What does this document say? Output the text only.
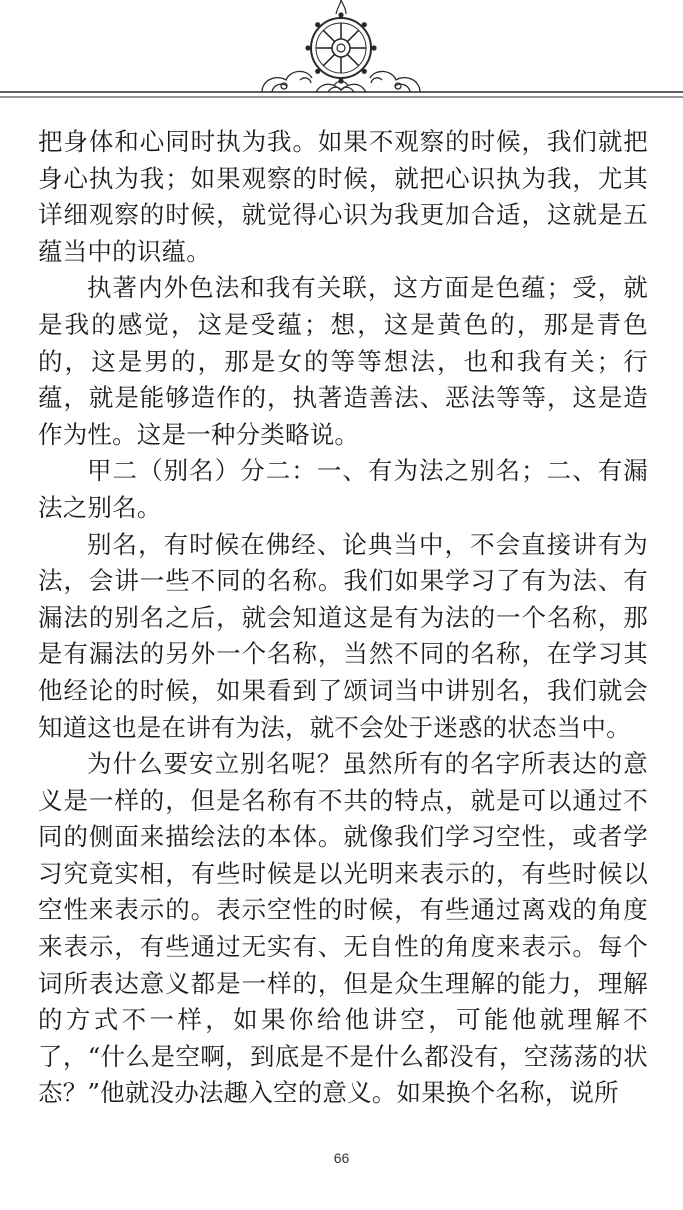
把身体和心同时执为我。如果不观察的时候，我们就把身心执为我；如果观察的时候，就把心识执为我，尤其详细观察的时候，就觉得心识为我更加合适，这就是五蕴当中的识蕴。

执著内外色法和我有关联，这方面是色蕴；受，就是我的感觉，这是受蕴；想，这是黄色的，那是青色的，这是男的，那是女的等等想法，也和我有关；行蕴，就是能够造作的，执著造善法、恶法等等，这是造作为性。这是一种分类略说。

甲二（别名）分二：一、有为法之别名；二、有漏法之别名。

别名，有时候在佛经、论典当中，不会直接讲有为法，会讲一些不同的名称。我们如果学习了有为法、有漏法的别名之后，就会知道这是有为法的一个名称，那是有漏法的另外一个名称，当然不同的名称，在学习其他经论的时候，如果看到了颂词当中讲别名，我们就会知道这也是在讲有为法，就不会处于迷惑的状态当中。

为什么要安立别名呢？虽然所有的名字所表达的意义是一样的，但是名称有不共的特点，就是可以通过不同的侧面来描绘法的本体。就像我们学习空性，或者学习究竟实相，有些时候是以光明来表示的，有些时候以空性来表示的。表示空性的时候，有些通过离戏的角度来表示，有些通过无实有、无自性的角度来表示。每个词所表达意义都是一样的，但是众生理解的能力，理解的方式不一样，如果你给他讲空，可能他就理解不了，“什么是空啊，到底是不是什么都没有，空荡荡的状态？”他就没办法趣入空的意义。如果换个名称，说所

66
